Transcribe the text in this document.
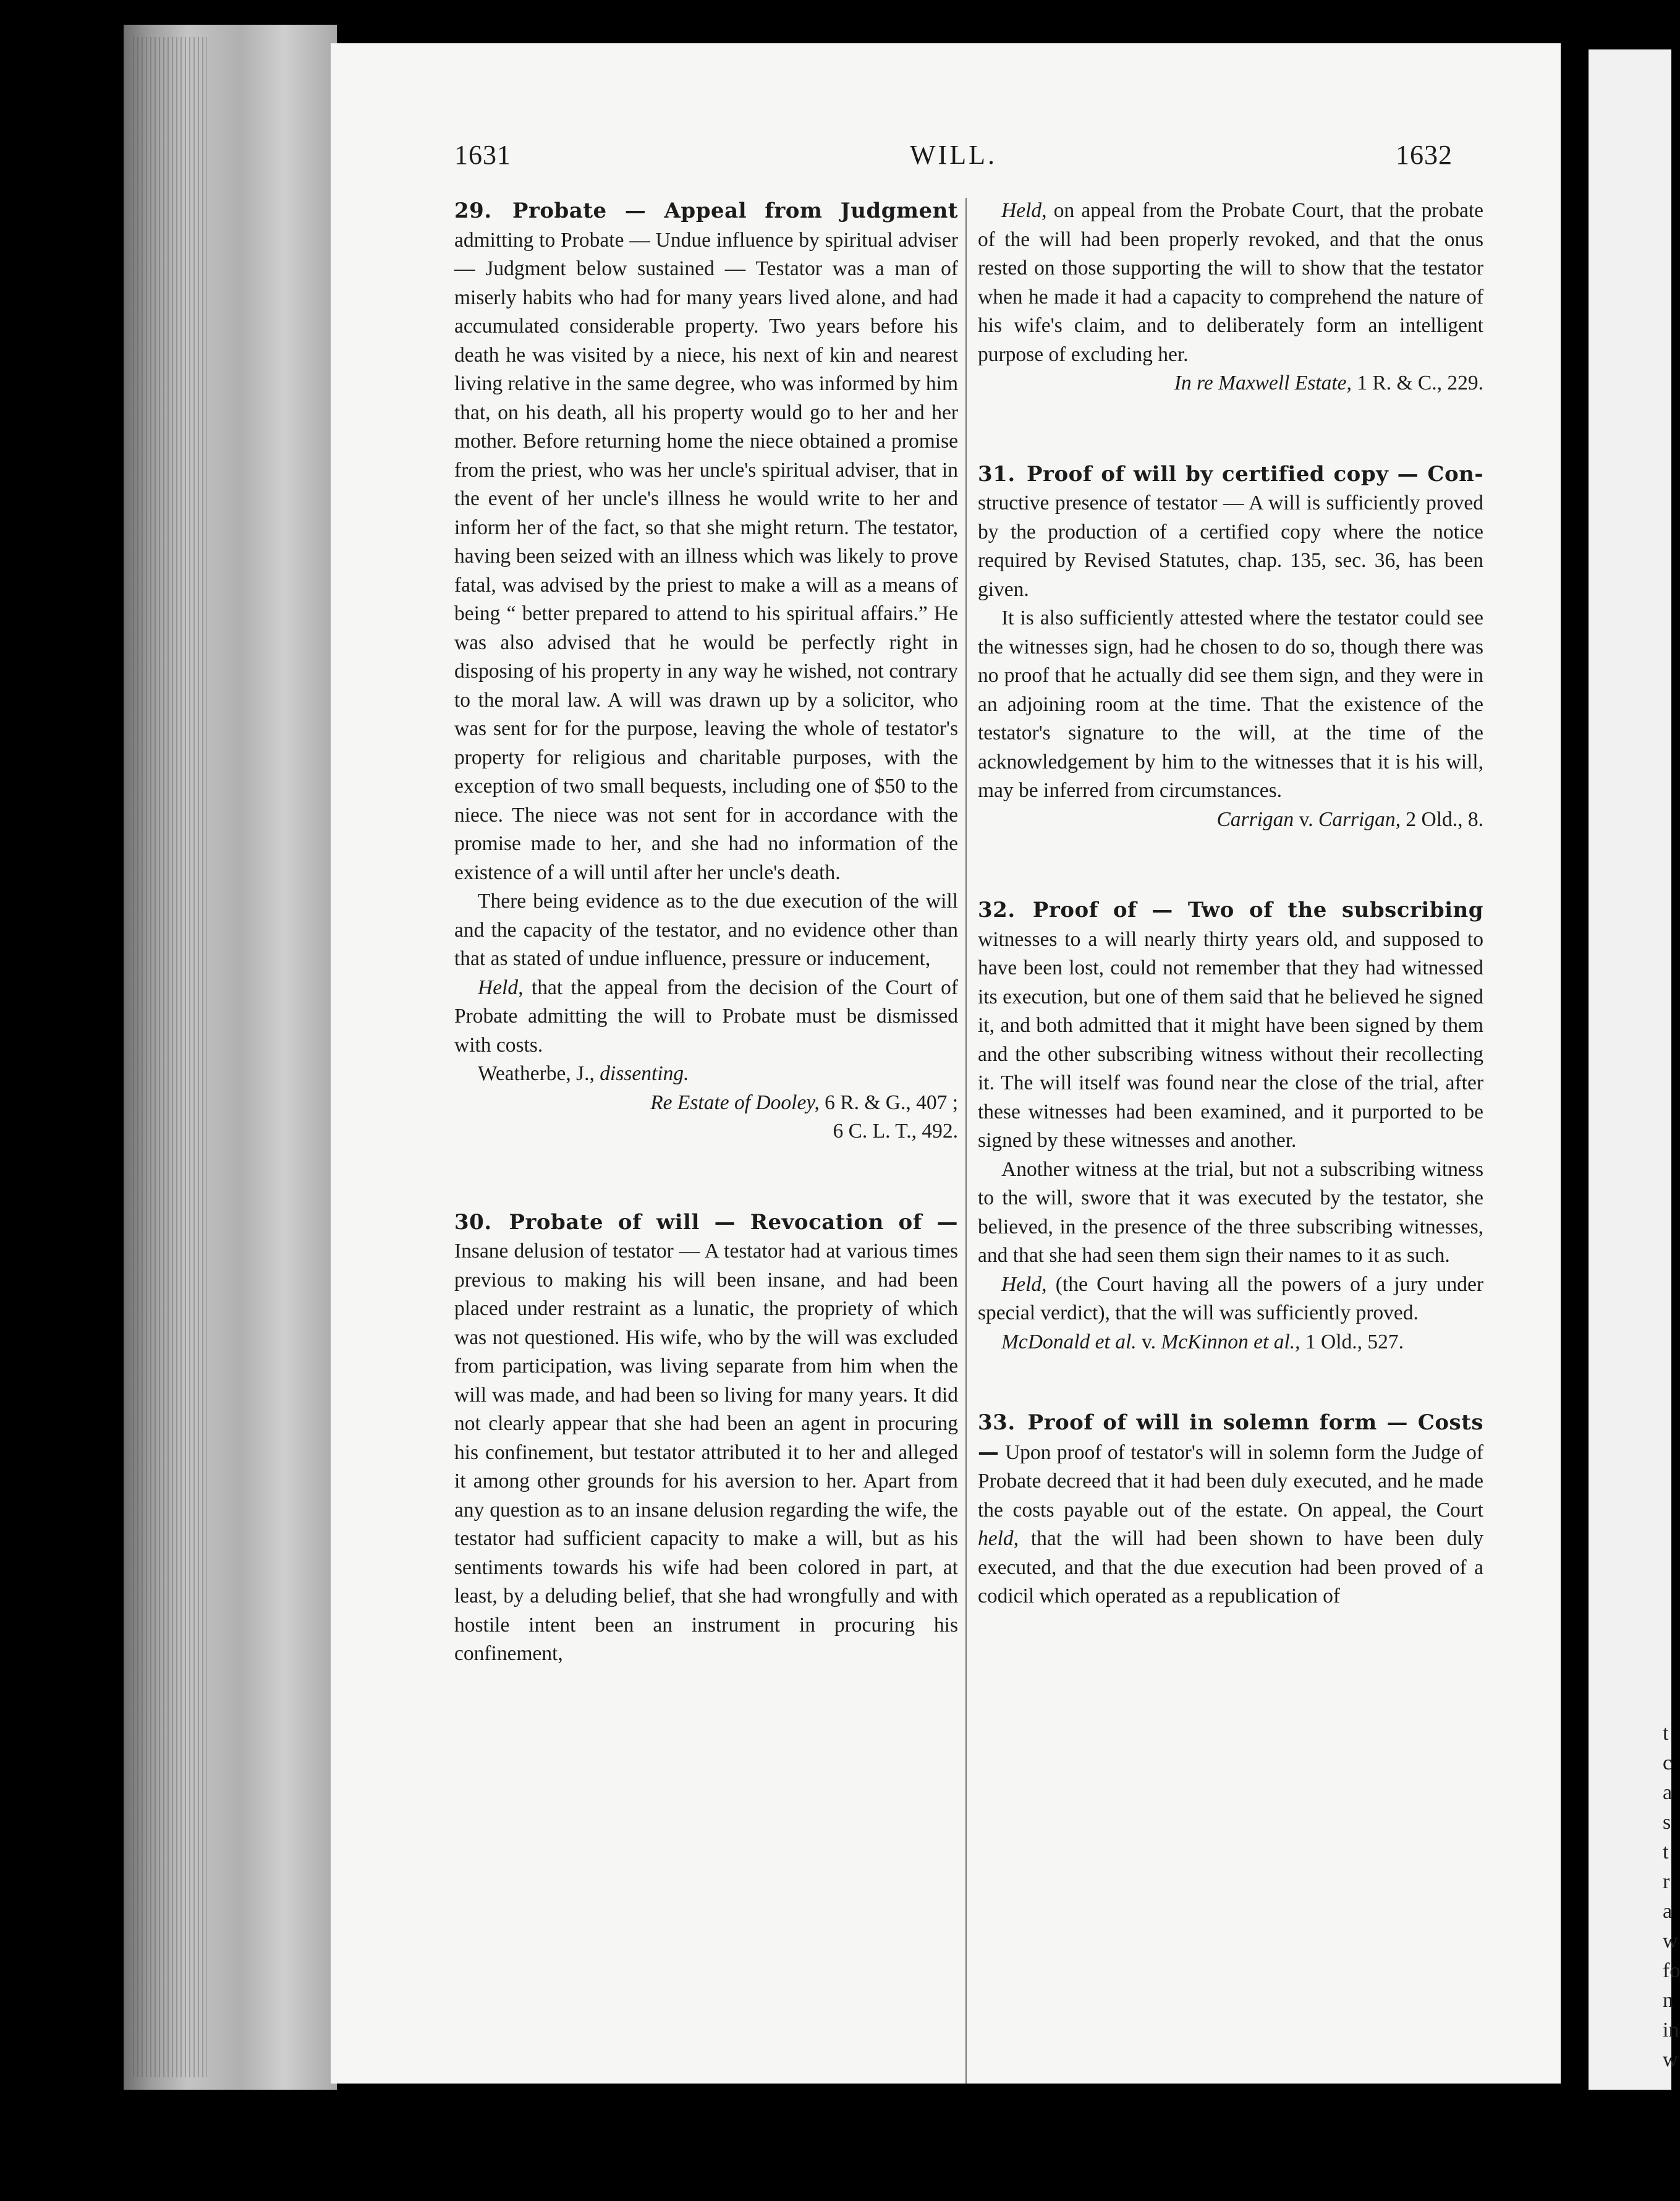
t
c
a
s
t
r
a
w
fo
n
in
w
1631	WILL.	1632

29. Probate — Appeal from Judgment admitting to Probate — Undue influence by spiritual adviser — Judgment below sustained — Testator was a man of miserly habits who had for many years lived alone, and had accumulated considerable property. Two years before his death he was visited by a niece, his next of kin and nearest living relative in the same degree, who was informed by him that, on his death, all his property would go to her and her mother. Before returning home the niece obtained a promise from the priest, who was her uncle's spiritual adviser, that in the event of her uncle's illness he would write to her and inform her of the fact, so that she might return. The testator, having been seized with an illness which was likely to prove fatal, was advised by the priest to make a will as a means of being “ better prepared to attend to his spiritual affairs.” He was also advised that he would be perfectly right in disposing of his property in any way he wished, not contrary to the moral law. A will was drawn up by a solicitor, who was sent for for the purpose, leaving the whole of testator's property for religious and charitable purposes, with the exception of two small bequests, including one of $50 to the niece. The niece was not sent for in accordance with the promise made to her, and she had no information of the existence of a will until after her uncle's death.

There being evidence as to the due execution of the will and the capacity of the testator, and no evidence other than that as stated of undue influence, pressure or inducement,

Held, that the appeal from the decision of the Court of Probate admitting the will to Probate must be dismissed with costs.

Weatherbe, J., dissenting.

Re Estate of Dooley, 6 R. & G., 407 ;

6 C. L. T., 492.

30. Probate of will — Revocation of — Insane delusion of testator — A testator had at various times previous to making his will been insane, and had been placed under restraint as a lunatic, the propriety of which was not questioned. His wife, who by the will was excluded from participation, was living separate from him when the will was made, and had been so living for many years. It did not clearly appear that she had been an agent in procuring his confinement, but testator attributed it to her and alleged it among other grounds for his aversion to her. Apart from any question as to an insane delusion regarding the wife, the testator had sufficient capacity to make a will, but as his sentiments towards his wife had been colored in part, at least, by a deluding belief, that she had wrongfully and with hostile intent been an instrument in procuring his confinement,

Held, on appeal from the Probate Court, that the probate of the will had been properly revoked, and that the onus rested on those supporting the will to show that the testator when he made it had a capacity to comprehend the nature of his wife's claim, and to deliberately form an intelligent purpose of excluding her.

In re Maxwell Estate, 1 R. & C., 229.

31. Proof of will by certified copy — Con- structive presence of testator — A will is sufficiently proved by the production of a certified copy where the notice required by Revised Statutes, chap. 135, sec. 36, has been given.

It is also sufficiently attested where the testator could see the witnesses sign, had he chosen to do so, though there was no proof that he actually did see them sign, and they were in an adjoining room at the time. That the existence of the testator's signature to the will, at the time of the acknowledgement by him to the witnesses that it is his will, may be inferred from circumstances.

Carrigan v. Carrigan, 2 Old., 8.

32. Proof of — Two of the subscribing witnesses to a will nearly thirty years old, and supposed to have been lost, could not remember that they had witnessed its execution, but one of them said that he believed he signed it, and both admitted that it might have been signed by them and the other subscribing witness without their recollecting it. The will itself was found near the close of the trial, after these witnesses had been examined, and it purported to be signed by these witnesses and another.

Another witness at the trial, but not a subscribing witness to the will, swore that it was executed by the testator, she believed, in the presence of the three subscribing witnesses, and that she had seen them sign their names to it as such.

Held, (the Court having all the powers of a jury under special verdict), that the will was sufficiently proved.

McDonald et al. v. McKinnon et al., 1 Old., 527.

33. Proof of will in solemn form — Costs — Upon proof of testator's will in solemn form the Judge of Probate decreed that it had been duly executed, and he made the costs payable out of the estate. On appeal, the Court held, that the will had been shown to have been duly executed, and that the due execution had been proved of a codicil which operated as a republication of
